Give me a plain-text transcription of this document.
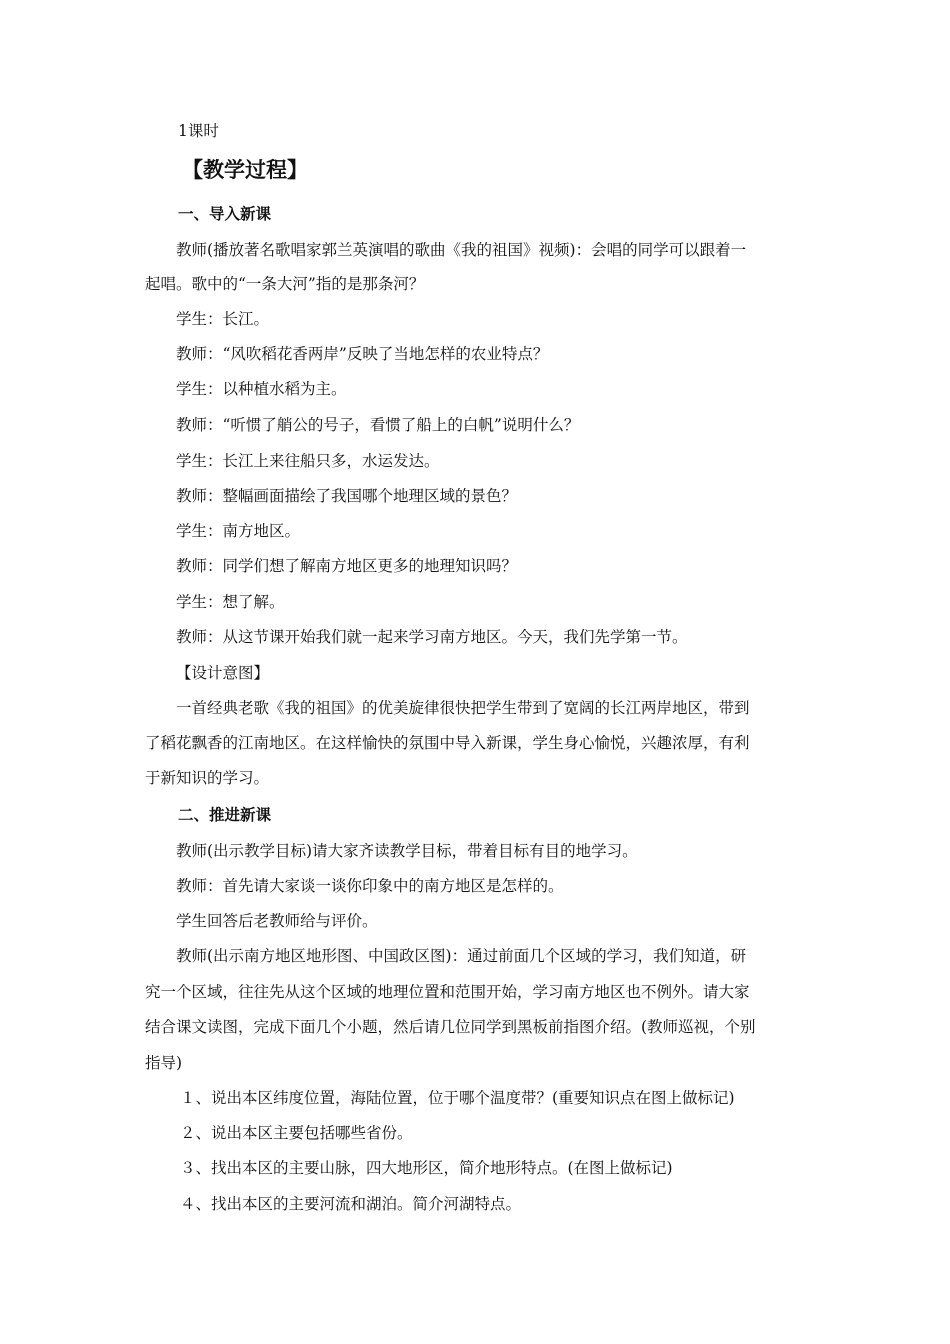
1课时

【教学过程】

一、导入新课

教师(播放著名歌唱家郭兰英演唱的歌曲《我的祖国》视频)：会唱的同学可以跟着一

起唱。歌中的“一条大河”指的是那条河？

学生：长江。

教师：“风吹稻花香两岸”反映了当地怎样的农业特点？

学生：以种植水稻为主。

教师：“听惯了艄公的号子，看惯了船上的白帆”说明什么？

学生：长江上来往船只多，水运发达。

教师：整幅画面描绘了我国哪个地理区域的景色？

学生：南方地区。

教师：同学们想了解南方地区更多的地理知识吗？

学生：想了解。

教师：从这节课开始我们就一起来学习南方地区。今天，我们先学第一节。

【设计意图】

一首经典老歌《我的祖国》的优美旋律很快把学生带到了宽阔的长江两岸地区，带到

了稻花飘香的江南地区。在这样愉快的氛围中导入新课，学生身心愉悦，兴趣浓厚，有利

于新知识的学习。

二、推进新课

教师(出示教学目标)请大家齐读教学目标，带着目标有目的地学习。

教师：首先请大家谈一谈你印象中的南方地区是怎样的。

学生回答后老教师给与评价。

教师(出示南方地区地形图、中国政区图)：通过前面几个区域的学习，我们知道，研

究一个区域，往往先从这个区域的地理位置和范围开始，学习南方地区也不例外。请大家

结合课文读图，完成下面几个小题，然后请几位同学到黑板前指图介绍。(教师巡视，个别

指导)

１、说出本区纬度位置，海陆位置，位于哪个温度带？(重要知识点在图上做标记)

２、说出本区主要包括哪些省份。

３、找出本区的主要山脉，四大地形区，简介地形特点。(在图上做标记)

４、找出本区的主要河流和湖泊。简介河湖特点。
